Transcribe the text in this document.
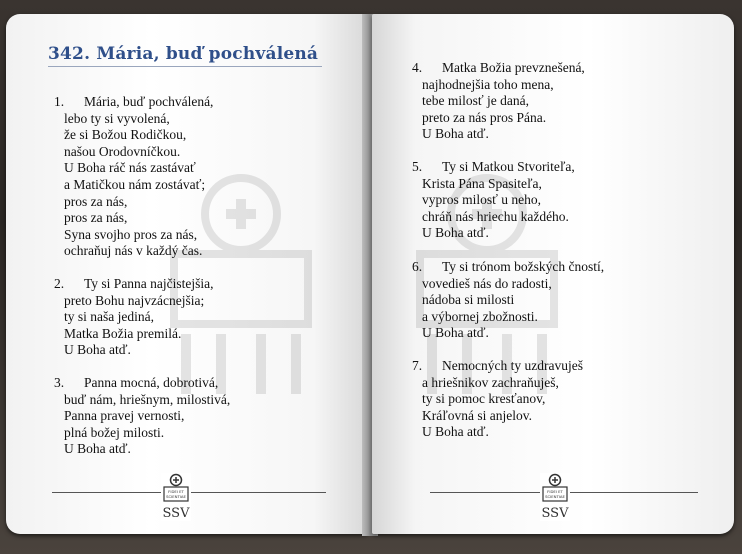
342. Mária, buď pochválená
1. Mária, buď pochválená,
lebo ty si vyvolená,
že si Božou Rodičkou,
našou Orodovníčkou.
U Boha ráč nás zastávať
a Matičkou nám zostávať;
pros za nás,
pros za nás,
Syna svojho pros za nás,
ochraňuj nás v každý čas.
2. Ty si Panna najčistejšia,
preto Bohu najvzácnejšia;
ty si naša jediná,
Matka Božia premilá.
U Boha atď.
3. Panna mocná, dobrotivá,
buď nám, hriešnym, milostivá,
Panna pravej vernosti,
plná božej milosti.
U Boha atď.
FIDEI ET
SCIENTIAE
SSV
4. Matka Božia prevznešená,
najhodnejšia toho mena,
tebe milosť je daná,
preto za nás pros Pána.
U Boha atď.
5. Ty si Matkou Stvoriteľa,
Krista Pána Spasiteľa,
vypros milosť u neho,
chráň nás hriechu každého.
U Boha atď.
6. Ty si trónom božských čností,
vovedieš nás do radosti,
nádoba si milosti
a výbornej zbožnosti.
U Boha atď.
7. Nemocných ty uzdravuješ
a hriešnikov zachraňuješ,
ty si pomoc kresťanov,
Kráľovná si anjelov.
U Boha atď.
FIDEI ET
SCIENTIAE
SSV
